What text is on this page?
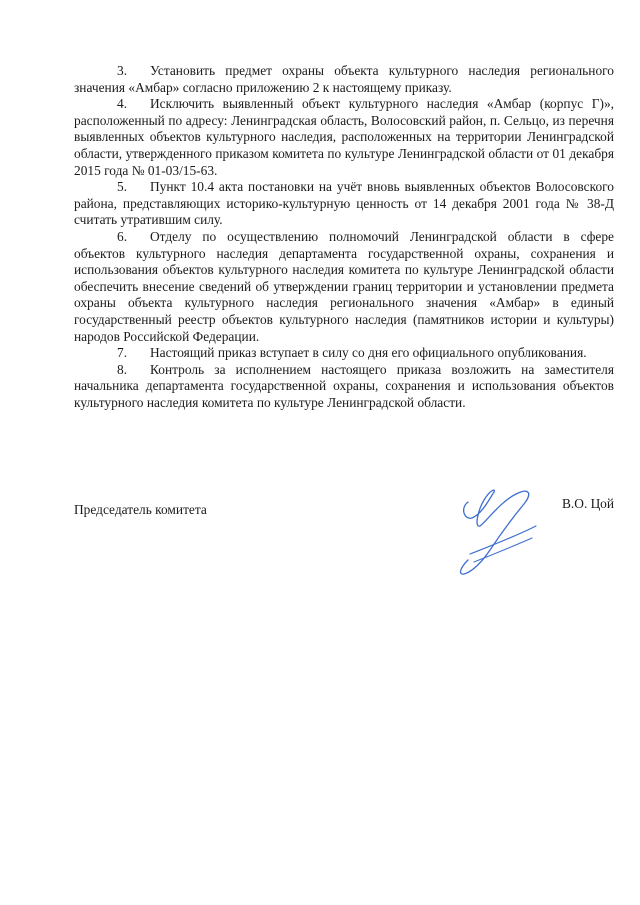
3. Установить предмет охраны объекта культурного наследия регионального значения «Амбар» согласно приложению 2 к настоящему приказу.

4. Исключить выявленный объект культурного наследия «Амбар (корпус Г)», расположенный по адресу: Ленинградская область, Волосовский район, п. Сельцо, из перечня выявленных объектов культурного наследия, расположенных на территории Ленинградской области, утвержденного приказом комитета по культуре Ленинградской области от 01 декабря 2015 года № 01-03/15-63.

5. Пункт 10.4 акта постановки на учёт вновь выявленных объектов Волосовского района, представляющих историко-культурную ценность от 14 декабря 2001 года № 38-Д считать утратившим силу.

6. Отделу по осуществлению полномочий Ленинградской области в сфере объектов культурного наследия департамента государственной охраны, сохранения и использования объектов культурного наследия комитета по культуре Ленинградской области обеспечить внесение сведений об утверждении границ территории и установлении предмета охраны объекта культурного наследия регионального значения «Амбар» в единый государственный реестр объектов культурного наследия (памятников истории и культуры) народов Российской Федерации.

7. Настоящий приказ вступает в силу со дня его официального опубликования.

8. Контроль за исполнением настоящего приказа возложить на заместителя начальника департамента государственной охраны, сохранения и использования объектов культурного наследия комитета по культуре Ленинградской области.

Председатель комитета	В.О. Цой
